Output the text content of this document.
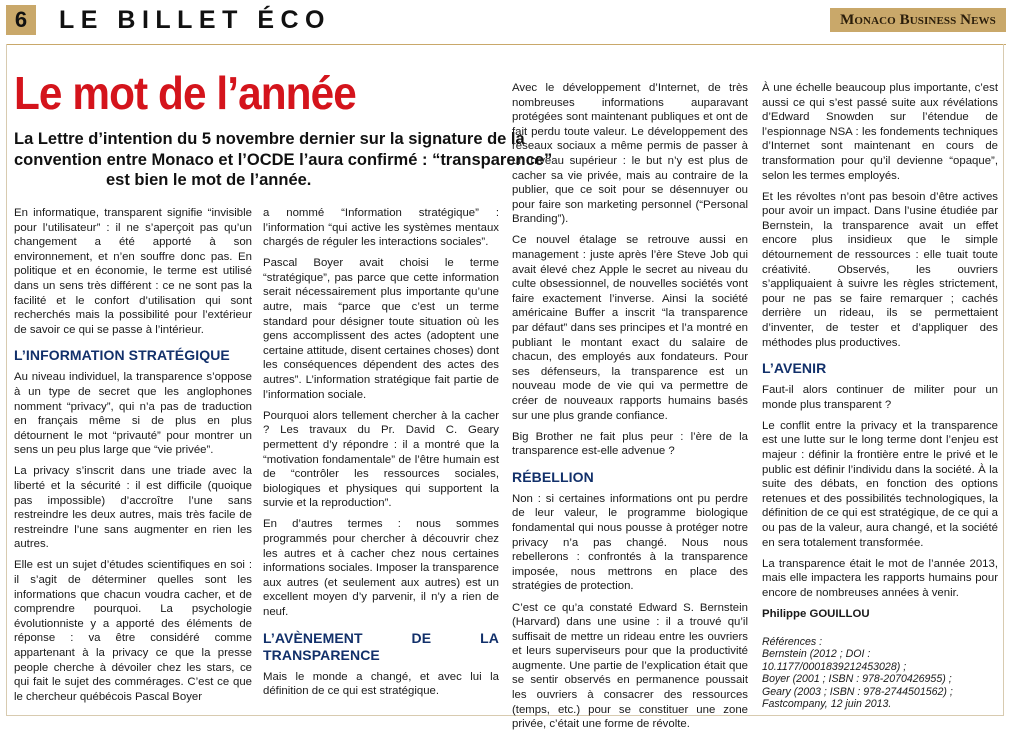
6	LE BILLET ÉCO	Monaco Business News
Le mot de l’année
La Lettre d’intention du 5 novembre dernier sur la signature de la
convention entre Monaco et l’OCDE l’aura confirmé : “transparence”
est bien le mot de l’année.

En informatique, transparent signifie “invisible pour l’utilisateur” : il ne s’aperçoit pas qu’un changement a été apporté à son environnement, et n’en souffre donc pas. En politique et en économie, le terme est utilisé dans un sens très différent : ce ne sont pas la facilité et le confort d’utilisation qui sont recherchés mais la possibilité pour l’extérieur de savoir ce qui se passe à l’intérieur.

L’INFORMATION STRATÉGIQUE

Au niveau individuel, la transparence s’oppose à un type de secret que les anglophones nomment “privacy”, qui n’a pas de traduction en français même si de plus en plus détournent le mot “privauté” pour montrer un sens un peu plus large que “vie privée”.

La privacy s’inscrit dans une triade avec la liberté et la sécurité : il est difficile (quoique pas impossible) d’accroître l’une sans restreindre les deux autres, mais très facile de restreindre l’une sans augmenter en rien les autres.

Elle est un sujet d’études scientifiques en soi : il s’agit de déterminer quelles sont les informations que chacun voudra cacher, et de comprendre pourquoi. La psychologie évolutionniste y a apporté des éléments de réponse : va être considéré comme appartenant à la privacy ce que la presse people cherche à dévoiler chez les stars, ce qui fait le sujet des commérages. C’est ce que le chercheur québécois Pascal Boyer

a nommé “Information stratégique” : l’information “qui active les systèmes mentaux chargés de réguler les interactions sociales”.

Pascal Boyer avait choisi le terme “stratégique”, pas parce que cette information serait nécessairement plus importante qu’une autre, mais “parce que c’est un terme standard pour désigner toute situation où les gens accomplissent des actes (adoptent une certaine attitude, disent certaines choses) dont les conséquences dépendent des actes des autres”. L’information stratégique fait partie de l’information sociale.

Pourquoi alors tellement chercher à la cacher ? Les travaux du Pr. David C. Geary permettent d’y répondre : il a montré que la “motivation fondamentale” de l’être humain est de “contrôler les ressources sociales, biologiques et physiques qui supportent la survie et la reproduction”.

En d’autres termes : nous sommes programmés pour chercher à découvrir chez les autres et à cacher chez nous certaines informations sociales. Imposer la transparence aux autres (et seulement aux autres) est un excellent moyen d’y parvenir, il n’y a rien de neuf.

L’AVÈNEMENT DE LA TRANSPARENCE

Mais le monde a changé, et avec lui la définition de ce qui est stratégique.

Avec le développement d’Internet, de très nombreuses informations auparavant protégées sont maintenant publiques et ont de fait perdu toute valeur. Le développement des réseaux sociaux a même permis de passer à un niveau supérieur : le but n’y est plus de cacher sa vie privée, mais au contraire de la publier, que ce soit pour se désennuyer ou pour faire son marketing personnel (“Personal Branding”).

Ce nouvel étalage se retrouve aussi en management : juste après l’ère Steve Job qui avait élevé chez Apple le secret au niveau du culte obsessionnel, de nouvelles sociétés vont faire exactement l’inverse. Ainsi la société américaine Buffer a inscrit “la transparence par défaut” dans ses principes et l’a montré en publiant le montant exact du salaire de chacun, des employés aux fondateurs. Pour ses défenseurs, la transparence est un nouveau mode de vie qui va permettre de créer de nouveaux rapports humains basés sur une plus grande confiance.

Big Brother ne fait plus peur : l’ère de la transparence est-elle advenue ?

RÉBELLION

Non : si certaines informations ont pu perdre de leur valeur, le programme biologique fondamental qui nous pousse à protéger notre privacy n’a pas changé. Nous nous rebellerons : confrontés à la transparence imposée, nous mettrons en place des stratégies de protection.

C’est ce qu’a constaté Edward S. Bernstein (Harvard) dans une usine : il a trouvé qu’il suffisait de mettre un rideau entre les ouvriers et leurs superviseurs pour que la productivité augmente. Une partie de l’explication était que se sentir observés en permanence poussait les ouvriers à consacrer des ressources (temps, etc.) pour se constituer une zone privée, c’était une forme de révolte.

À une échelle beaucoup plus importante, c’est aussi ce qui s’est passé suite aux révélations d’Edward Snowden sur l’étendue de l’espionnage NSA : les fondements techniques d’Internet sont maintenant en cours de transformation pour qu’il devienne “opaque”, selon les termes employés.

Et les révoltes n’ont pas besoin d’être actives pour avoir un impact. Dans l’usine étudiée par Bernstein, la transparence avait un effet encore plus insidieux que le simple détournement de ressources : elle tuait toute créativité. Observés, les ouvriers s’appliquaient à suivre les règles strictement, pour ne pas se faire remarquer ; cachés derrière un rideau, ils se permettaient d’inventer, de tester et d’appliquer des méthodes plus productives.

L’AVENIR

Faut-il alors continuer de militer pour un monde plus transparent ?

Le conflit entre la privacy et la transparence est une lutte sur le long terme dont l’enjeu est majeur : définir la frontière entre le privé et le public est définir l’individu dans la société. À la suite des débats, en fonction des options retenues et des possibilités technologiques, la définition de ce qui est stratégique, de ce qui a ou pas de la valeur, aura changé, et la société en sera totalement transformée.

La transparence était le mot de l’année 2013, mais elle impactera les rapports humains pour encore de nombreuses années à venir.

Philippe GOUILLOU

Références :
Bernstein (2012 ; DOI : 10.1177/0001839212453028) ;
Boyer (2001 ; ISBN : 978-2070426955) ;
Geary (2003 ; ISBN : 978-2744501562) ;
Fastcompany, 12 juin 2013.
